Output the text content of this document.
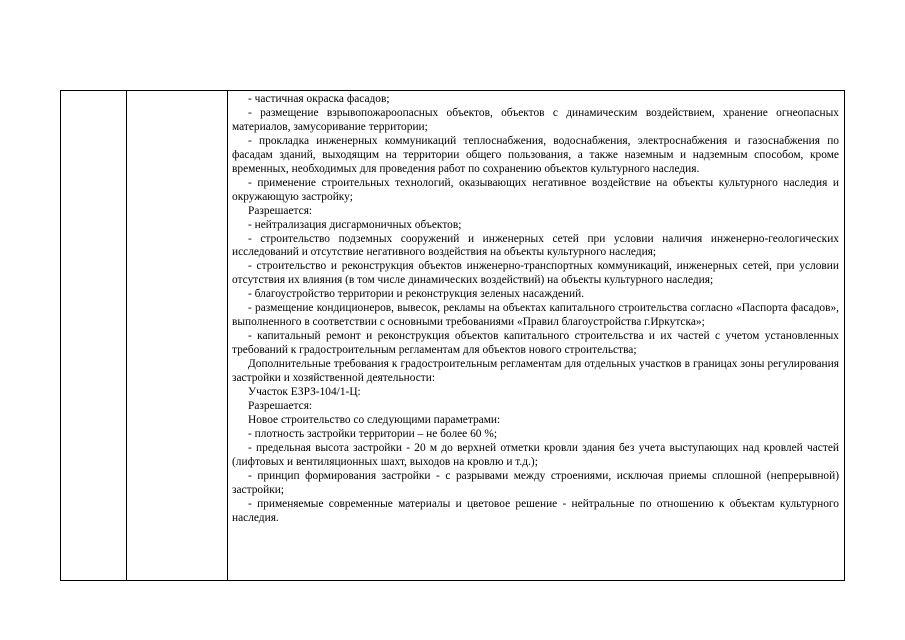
- частичная окраска фасадов;

- размещение взрывопожароопасных объектов, объектов с динамическим воздействием, хранение огнеопасных материалов, замусоривание территории;

- прокладка инженерных коммуникаций теплоснабжения, водоснабжения, электроснабжения и газоснабжения по фасадам зданий, выходящим на территории общего пользования, а также наземным и надземным способом, кроме временных, необходимых для проведения работ по сохранению объектов культурного наследия.

- применение строительных технологий, оказывающих негативное воздействие на объекты культурного наследия и окружающую застройку;

Разрешается:

- нейтрализация дисгармоничных объектов;

- строительство подземных сооружений и инженерных сетей при условии наличия инженерно-геологических исследований и отсутствие негативного воздействия на объекты культурного наследия;

- строительство и реконструкция объектов инженерно-транспортных коммуникаций, инженерных сетей, при условии отсутствия их влияния (в том числе динамических воздействий) на объекты культурного наследия;

- благоустройство территории и реконструкция зеленых насаждений.

- размещение кондиционеров, вывесок, рекламы на объектах капитального строительства согласно «Паспорта фасадов», выполненного в соответствии с основными требованиями «Правил благоустройства г.Иркутска»;

- капитальный ремонт и реконструкция объектов капитального строительства и их частей с учетом установленных требований к градостроительным регламентам для объектов нового строительства;

Дополнительные требования к градостроительным регламентам для отдельных участков в границах зоны регулирования застройки и хозяйственной деятельности:

Участок ЕЗРЗ-104/1-Ц:

Разрешается:

Новое строительство со следующими параметрами:

- плотность застройки территории – не более 60 %;

- предельная высота застройки - 20 м до верхней отметки кровли здания без учета выступающих над кровлей частей (лифтовых и вентиляционных шахт, выходов на кровлю и т.д.);

- принцип формирования застройки - с разрывами между строениями, исключая приемы сплошной (непрерывной) застройки;

- применяемые современные материалы и цветовое решение - нейтральные по отношению к объектам культурного наследия.
